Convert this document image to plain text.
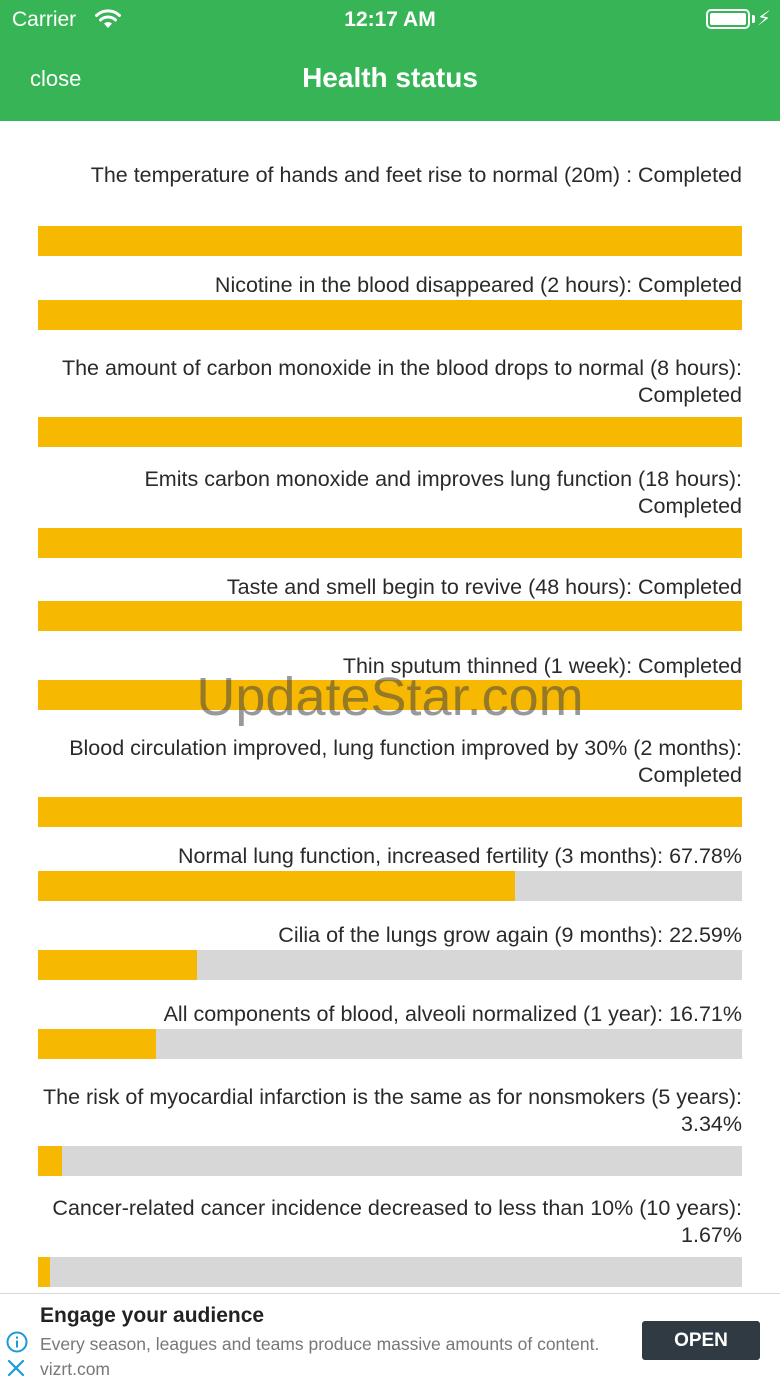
Carrier	12:17 AM	⚡
close	Health status
The temperature of hands and feet rise to normal (20m) : Completed
Nicotine in the blood disappeared (2 hours): Completed
The amount of carbon monoxide in the blood drops to normal (8 hours): Completed
Emits carbon monoxide and improves lung function (18 hours): Completed
Taste and smell begin to revive (48 hours): Completed
Thin sputum thinned (1 week): Completed
Blood circulation improved, lung function improved by 30% (2 months): Completed
Normal lung function, increased fertility (3 months): 67.78%
Cilia of the lungs grow again (9 months): 22.59%
All components of blood, alveoli normalized (1 year): 16.71%
The risk of myocardial infarction is the same as for nonsmokers (5 years): 3.34%
Cancer-related cancer incidence decreased to less than 10% (10 years): 1.67%
UpdateStar.com
Engage your audience
Every season, leagues and teams produce massive amounts of content. vizrt.com
OPEN
